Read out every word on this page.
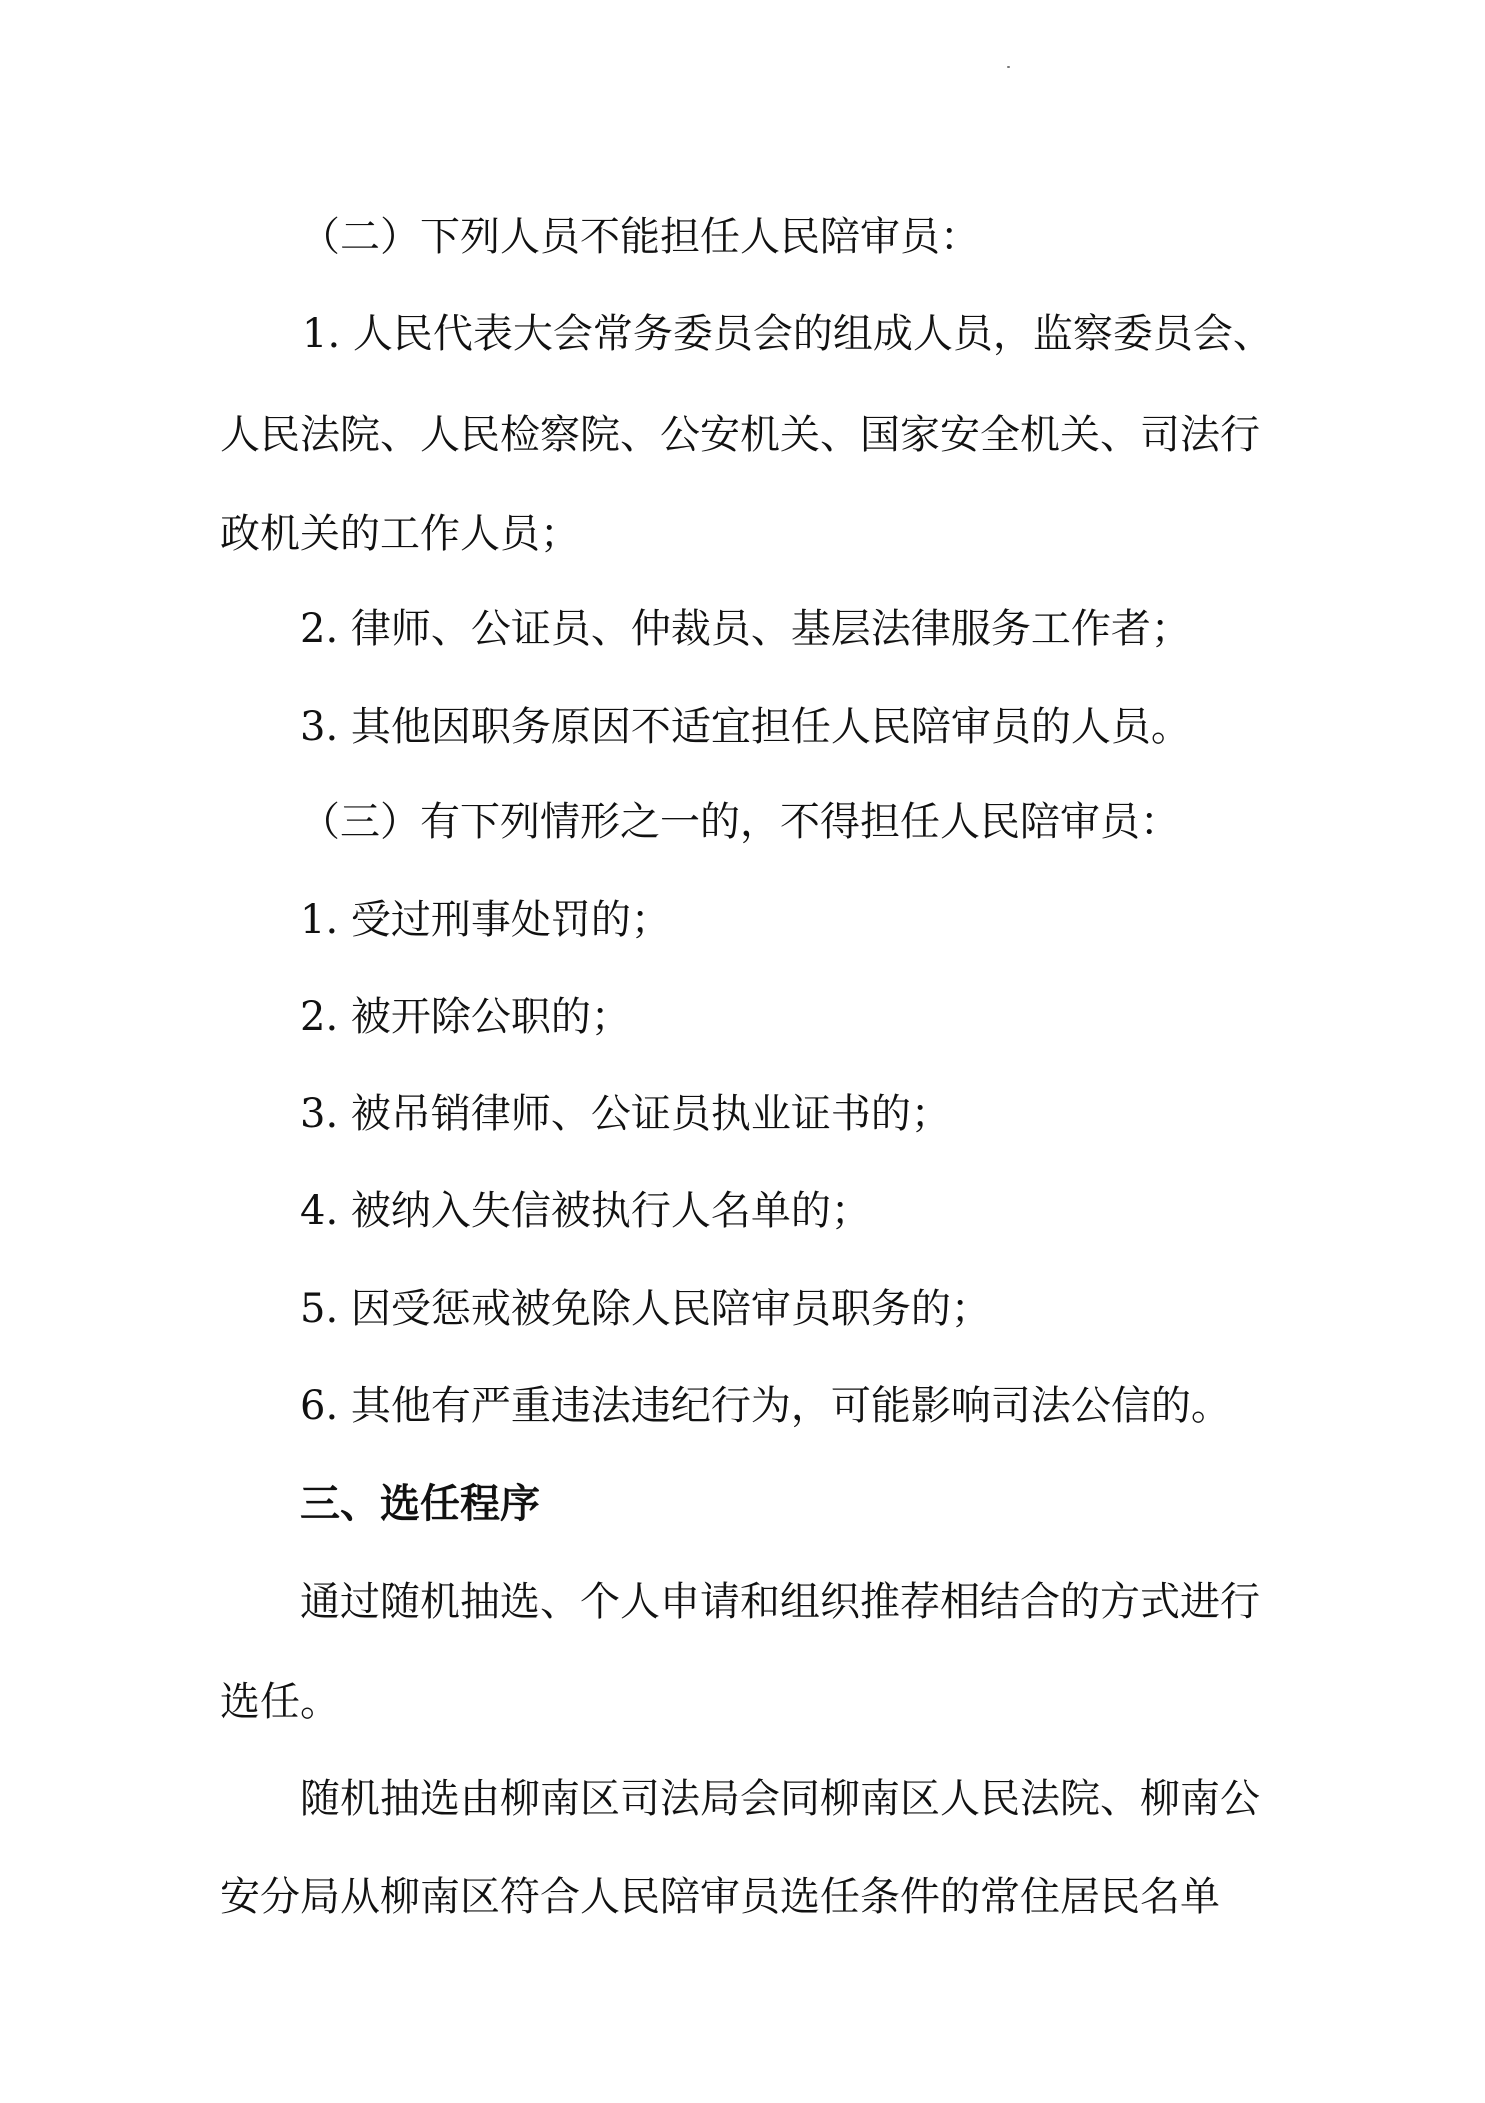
（二）下列人员不能担任人民陪审员：

1. 人民代表大会常务委员会的组成人员，监察委员会、

人民法院、人民检察院、公安机关、国家安全机关、司法行

政机关的工作人员；

2. 律师、公证员、仲裁员、基层法律服务工作者；

3. 其他因职务原因不适宜担任人民陪审员的人员。

（三）有下列情形之一的，不得担任人民陪审员：

1. 受过刑事处罚的；

2. 被开除公职的；

3. 被吊销律师、公证员执业证书的；

4. 被纳入失信被执行人名单的；

5. 因受惩戒被免除人民陪审员职务的；

6. 其他有严重违法违纪行为，可能影响司法公信的。

三、选任程序

通过随机抽选、个人申请和组织推荐相结合的方式进行

选任。

随机抽选由柳南区司法局会同柳南区人民法院、柳南公

安分局从柳南区符合人民陪审员选任条件的常住居民名单
